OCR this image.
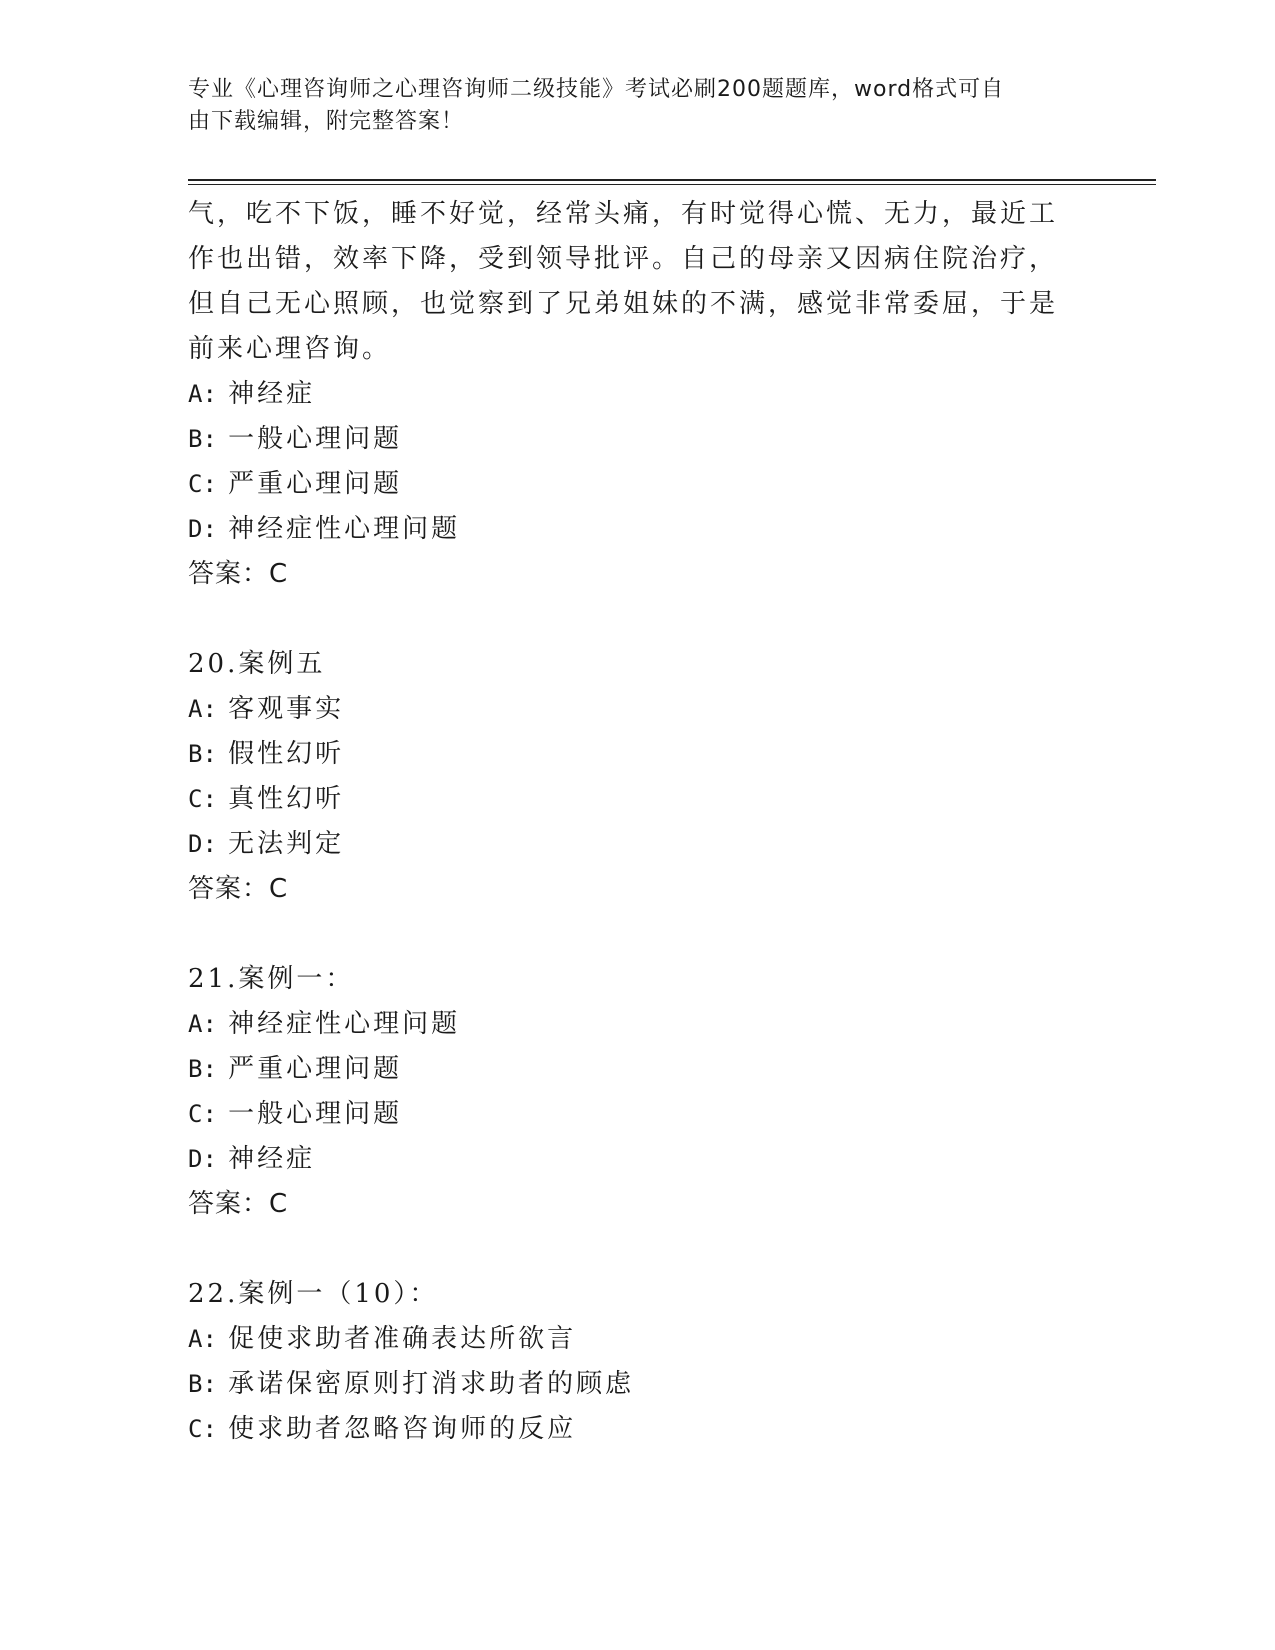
专业《心理咨询师之心理咨询师二级技能》考试必刷200题题库，word格式可自
由下载编辑，附完整答案！
气，吃不下饭，睡不好觉，经常头痛，有时觉得心慌、无力，最近工
作也出错，效率下降，受到领导批评。自己的母亲又因病住院治疗，
但自己无心照顾，也觉察到了兄弟姐妹的不满，感觉非常委屈，于是
前来心理咨询。
A: 神经症
B: 一般心理问题
C: 严重心理问题
D: 神经症性心理问题
答案：C
20.案例五
A: 客观事实
B: 假性幻听
C: 真性幻听
D: 无法判定
答案：C
21.案例一：
A: 神经症性心理问题
B: 严重心理问题
C: 一般心理问题
D: 神经症
答案：C
22.案例一（10）：
A: 促使求助者准确表达所欲言
B: 承诺保密原则打消求助者的顾虑
C: 使求助者忽略咨询师的反应
